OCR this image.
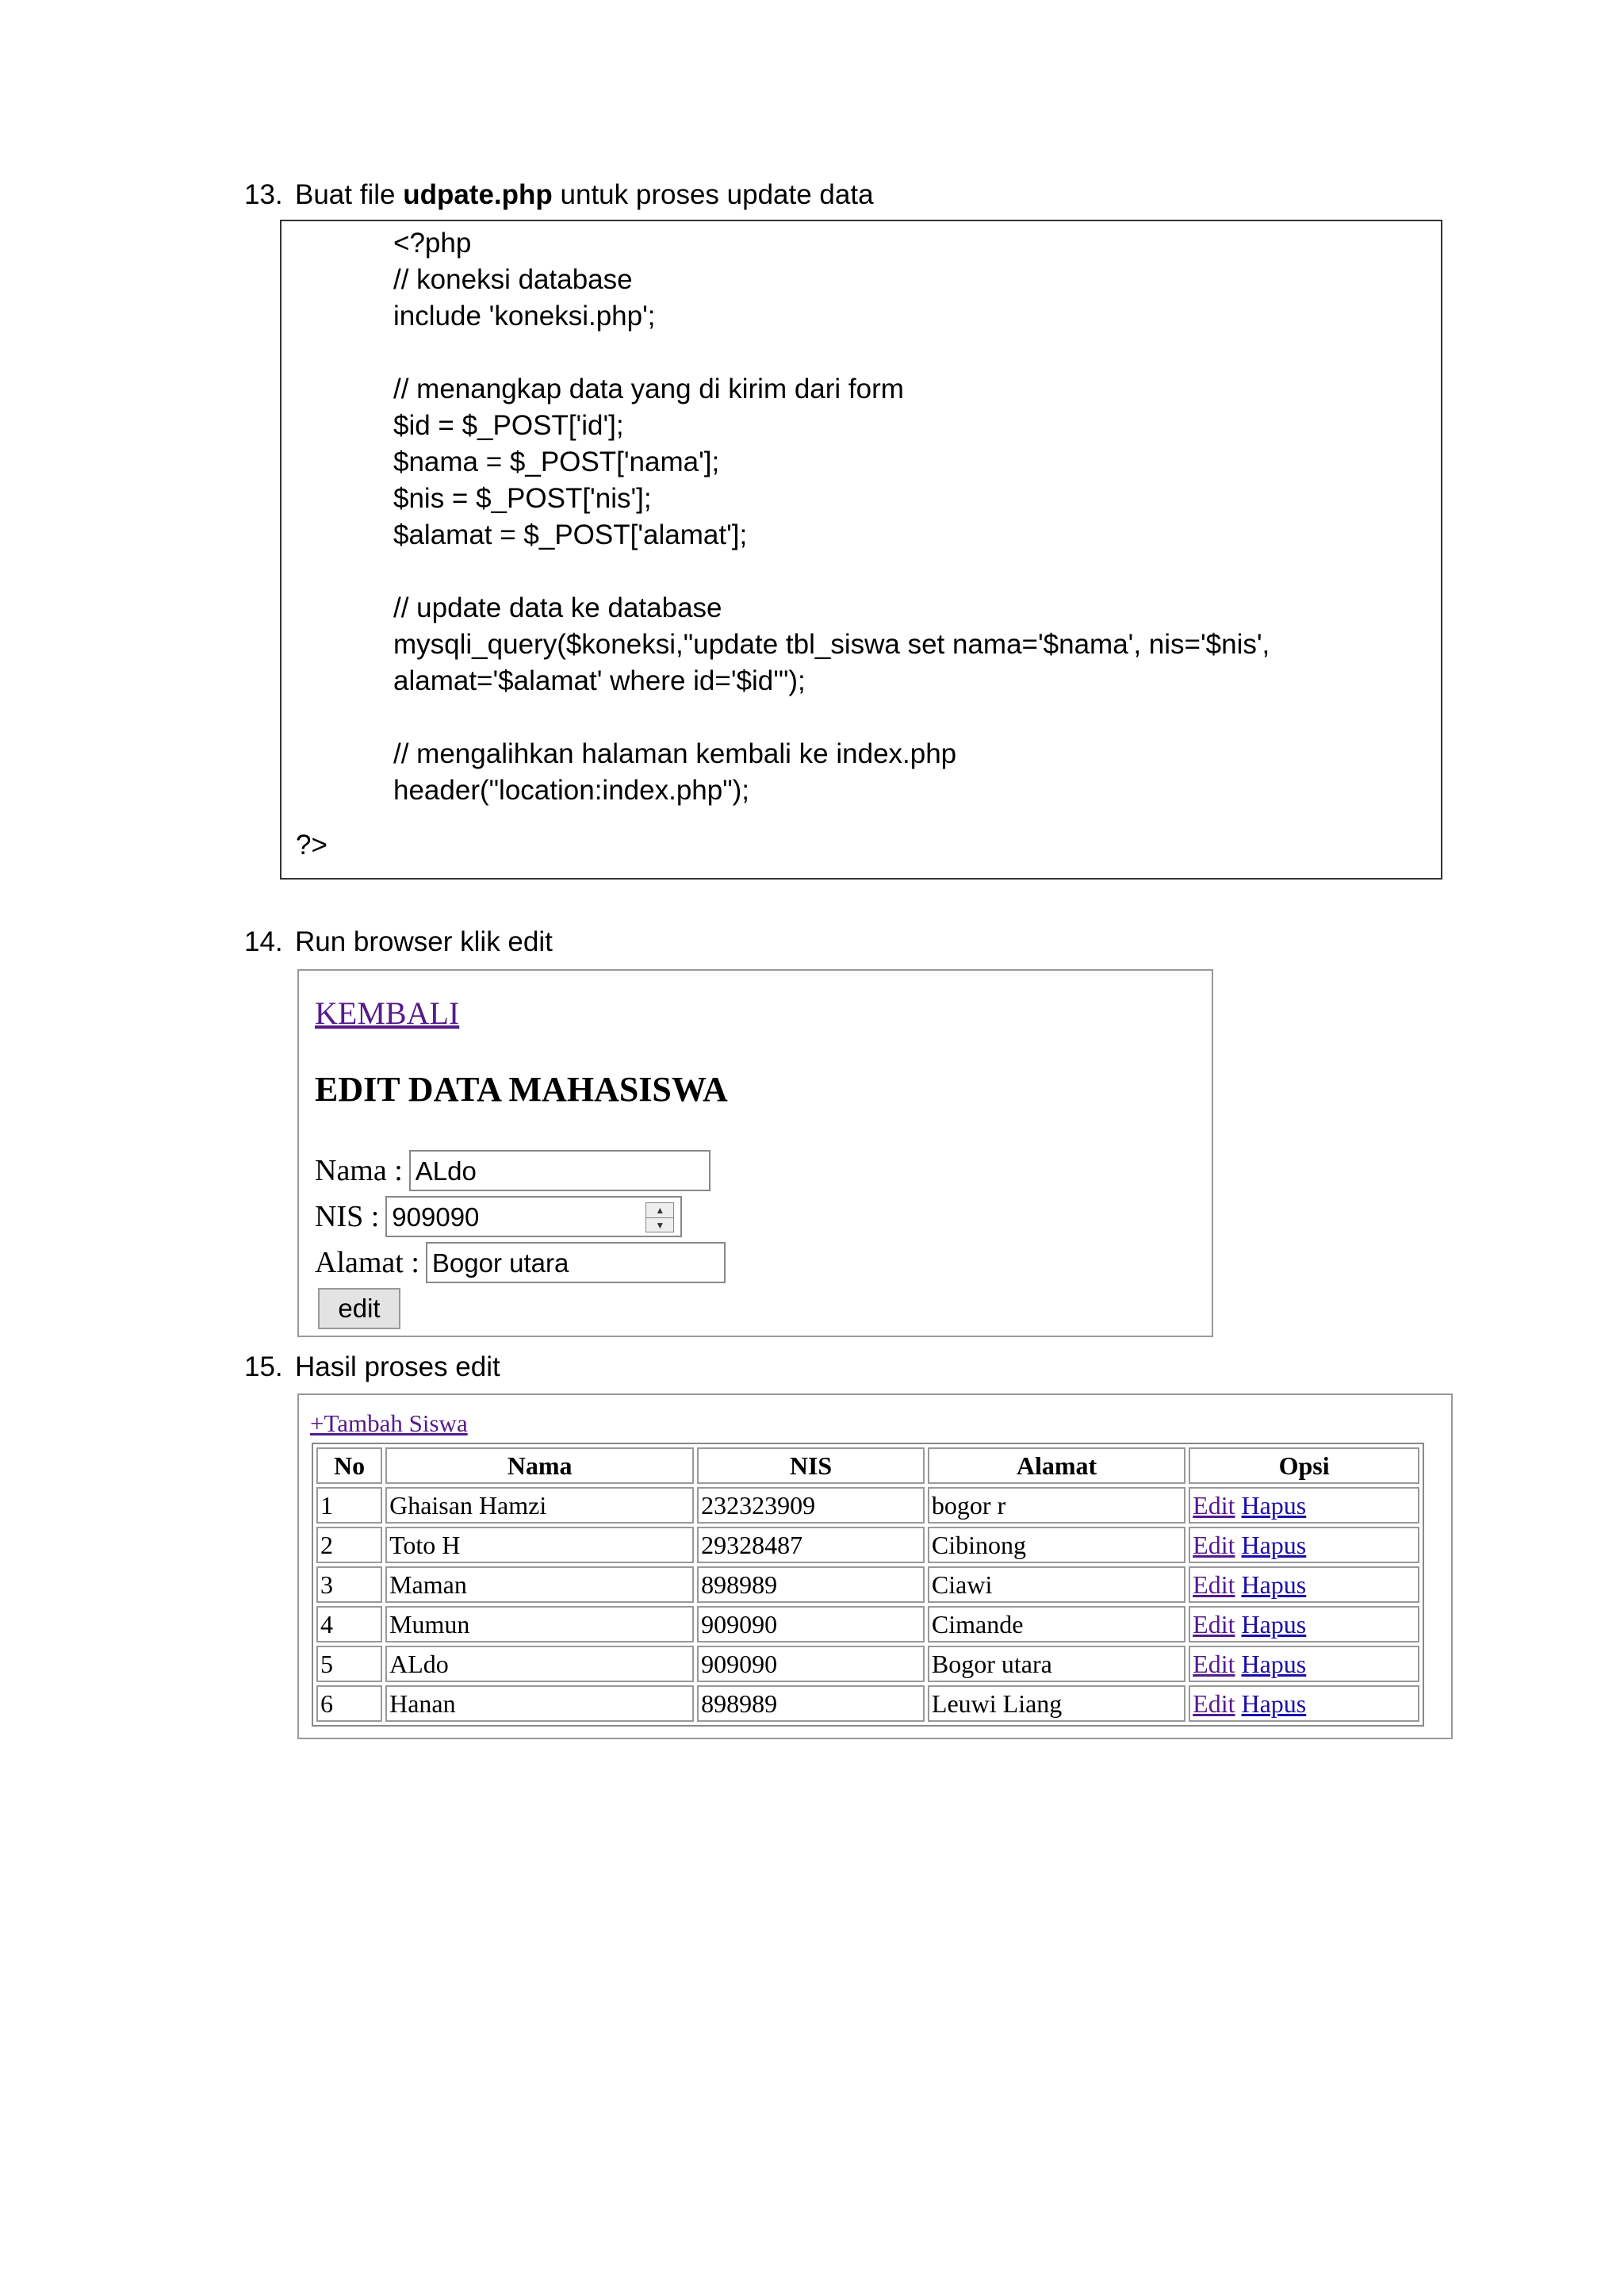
13. Buat file udpate.php untuk proses update data
<?php
// koneksi database
include 'koneksi.php';
// menangkap data yang di kirim dari form
$id = $_POST['id'];
$nama = $_POST['nama'];
$nis = $_POST['nis'];
$alamat = $_POST['alamat'];
// update data ke database
mysqli_query($koneksi,"update tbl_siswa set nama='$nama', nis='$nis',
alamat='$alamat' where id='$id'");
// mengalihkan halaman kembali ke index.php
header("location:index.php");
?>
14. Run browser klik edit
KEMBALI
EDIT DATA MAHASISWA
Nama : ALdo
NIS : 909090	▲
▼
Alamat : Bogor utara
edit
15. Hasil proses edit
+Tambah Siswa
No	Nama	NIS	Alamat	Opsi
1	Ghaisan Hamzi	232323909	bogor r	Edit Hapus
2	Toto H	29328487	Cibinong	Edit Hapus
3	Maman	898989	Ciawi	Edit Hapus
4	Mumun	909090	Cimande	Edit Hapus
5	ALdo	909090	Bogor utara	Edit Hapus
6	Hanan	898989	Leuwi Liang	Edit Hapus
